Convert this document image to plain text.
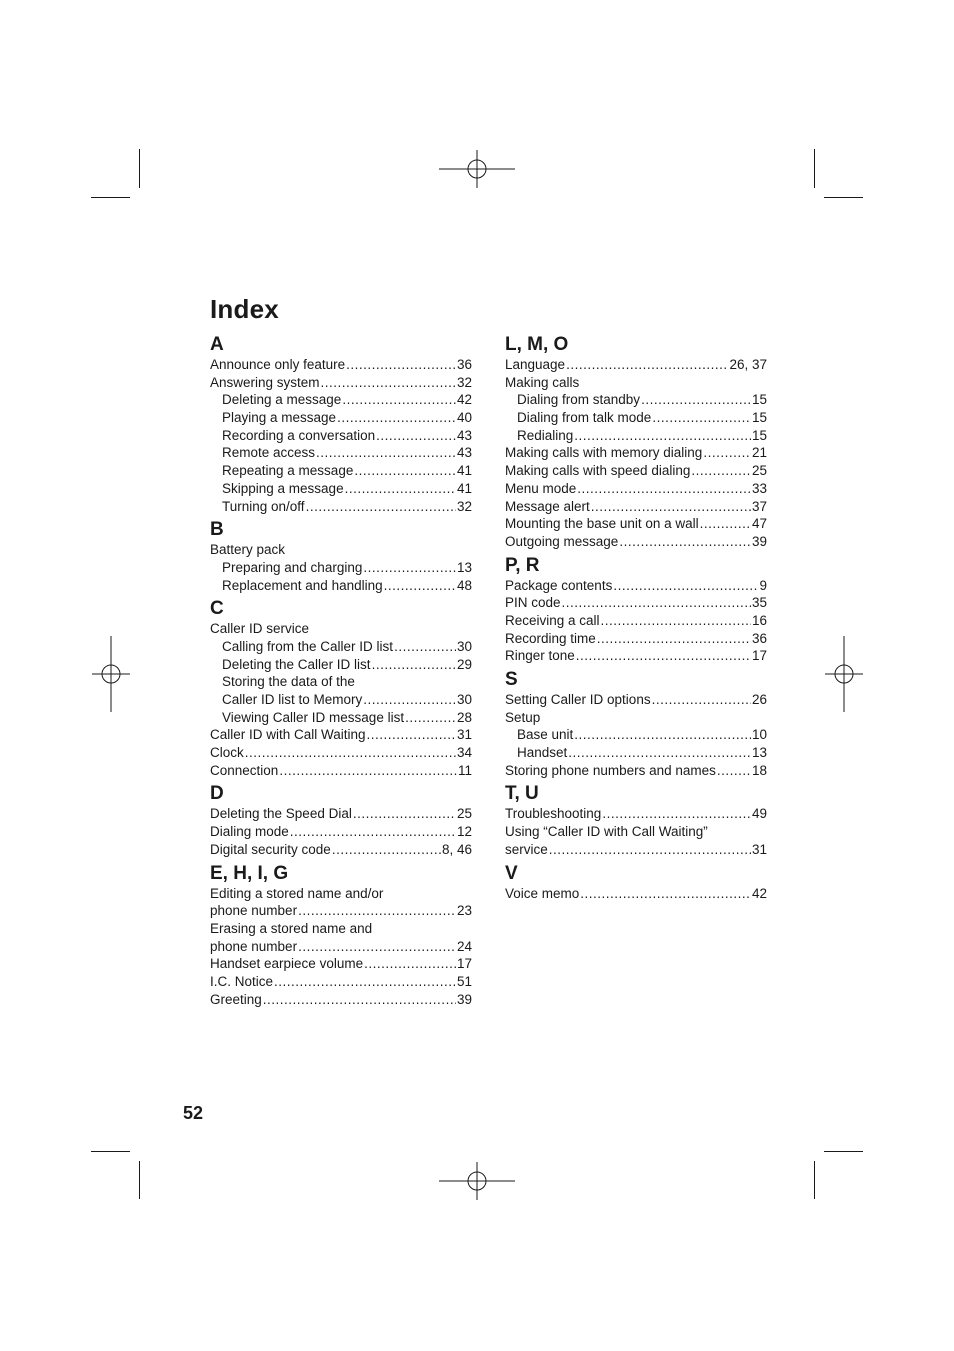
Index
A
Announce only feature .....	36
Answering system .....	32
Deleting a message .....	42
Playing a message .....	40
Recording a conversation .....	43
Remote access .....	43
Repeating a message .....	41
Skipping a message .....	41
Turning on/off .....	32
B
Battery pack
Preparing and charging .....	13
Replacement and handling .....	48
C
Caller ID service
Calling from the Caller ID list .....	30
Deleting the Caller ID list .....	29
Storing the data of the
Caller ID list to Memory .....	30
Viewing Caller ID message list .....	28
Caller ID with Call Waiting .....	31
Clock .....	34
Connection .....	11
D
Deleting the Speed Dial .....	25
Dialing mode .....	12
Digital security code .....	8, 46
E, H, I, G
Editing a stored name and/or
phone number .....	23
Erasing a stored name and
phone number .....	24
Handset earpiece volume .....	17
I.C. Notice .....	51
Greeting .....	39
L, M, O
Language .....	26, 37
Making calls
Dialing from standby .....	15
Dialing from talk mode .....	15
Redialing .....	15
Making calls with memory dialing .....	21
Making calls with speed dialing .....	25
Menu mode .....	33
Message alert .....	37
Mounting the base unit on a wall .....	47
Outgoing message .....	39
P, R
Package contents .....	9
PIN code .....	35
Receiving a call .....	16
Recording time .....	36
Ringer tone .....	17
S
Setting Caller ID options .....	26
Setup
Base unit .....	10
Handset .....	13
Storing phone numbers and names .....	18
T, U
Troubleshooting .....	49
Using “Caller ID with Call Waiting”
service .....	31
V
Voice memo .....	42
52
